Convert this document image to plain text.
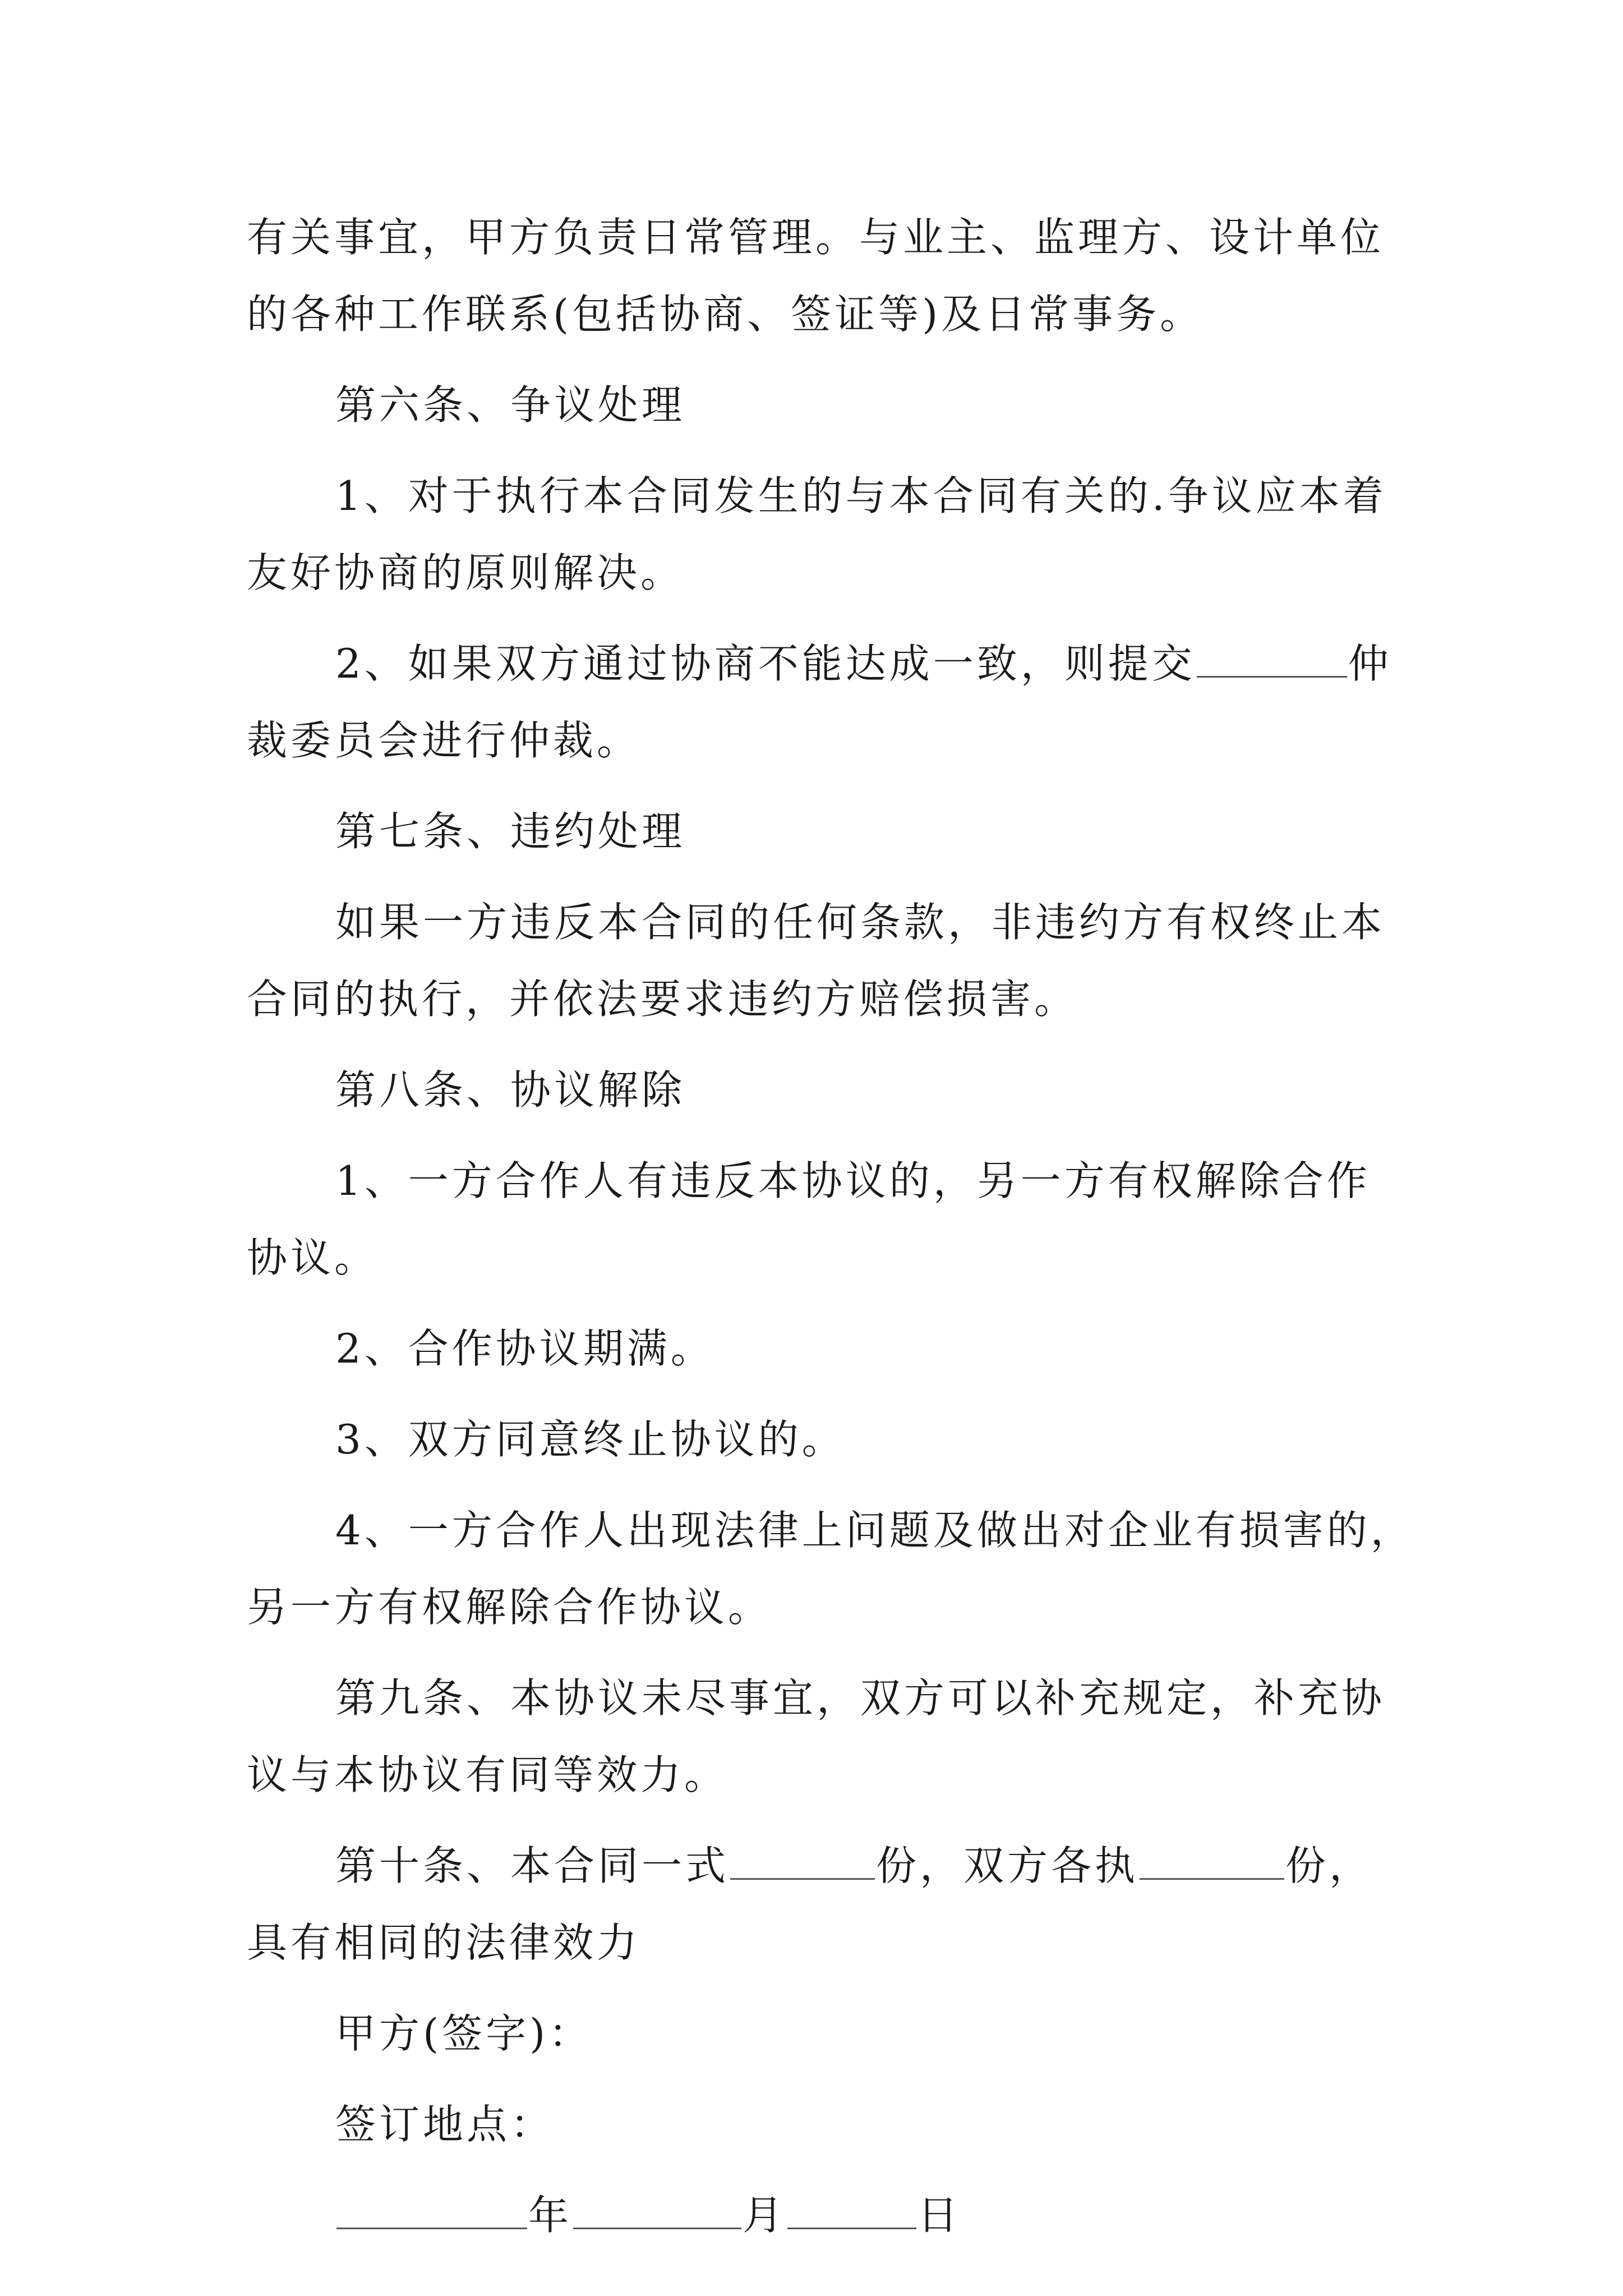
有关事宜，甲方负责日常管理。与业主、监理方、设计单位
的各种工作联系(包括协商、签证等)及日常事务。
第六条、争议处理
1、对于执行本合同发生的与本合同有关的.争议应本着
友好协商的原则解决。
2、如果双方通过协商不能达成一致，则提交	仲
裁委员会进行仲裁。
第七条、违约处理
如果一方违反本合同的任何条款，非违约方有权终止本
合同的执行，并依法要求违约方赔偿损害。
第八条、协议解除
1、一方合作人有违反本协议的，另一方有权解除合作
协议。
2、合作协议期满。
3、双方同意终止协议的。
4、一方合作人出现法律上问题及做出对企业有损害的，
另一方有权解除合作协议。
第九条、本协议未尽事宜，双方可以补充规定，补充协
议与本协议有同等效力。
第十条、本合同一式	份，双方各执	份，
具有相同的法律效力
甲方(签字)：
签订地点：
年	月	日
